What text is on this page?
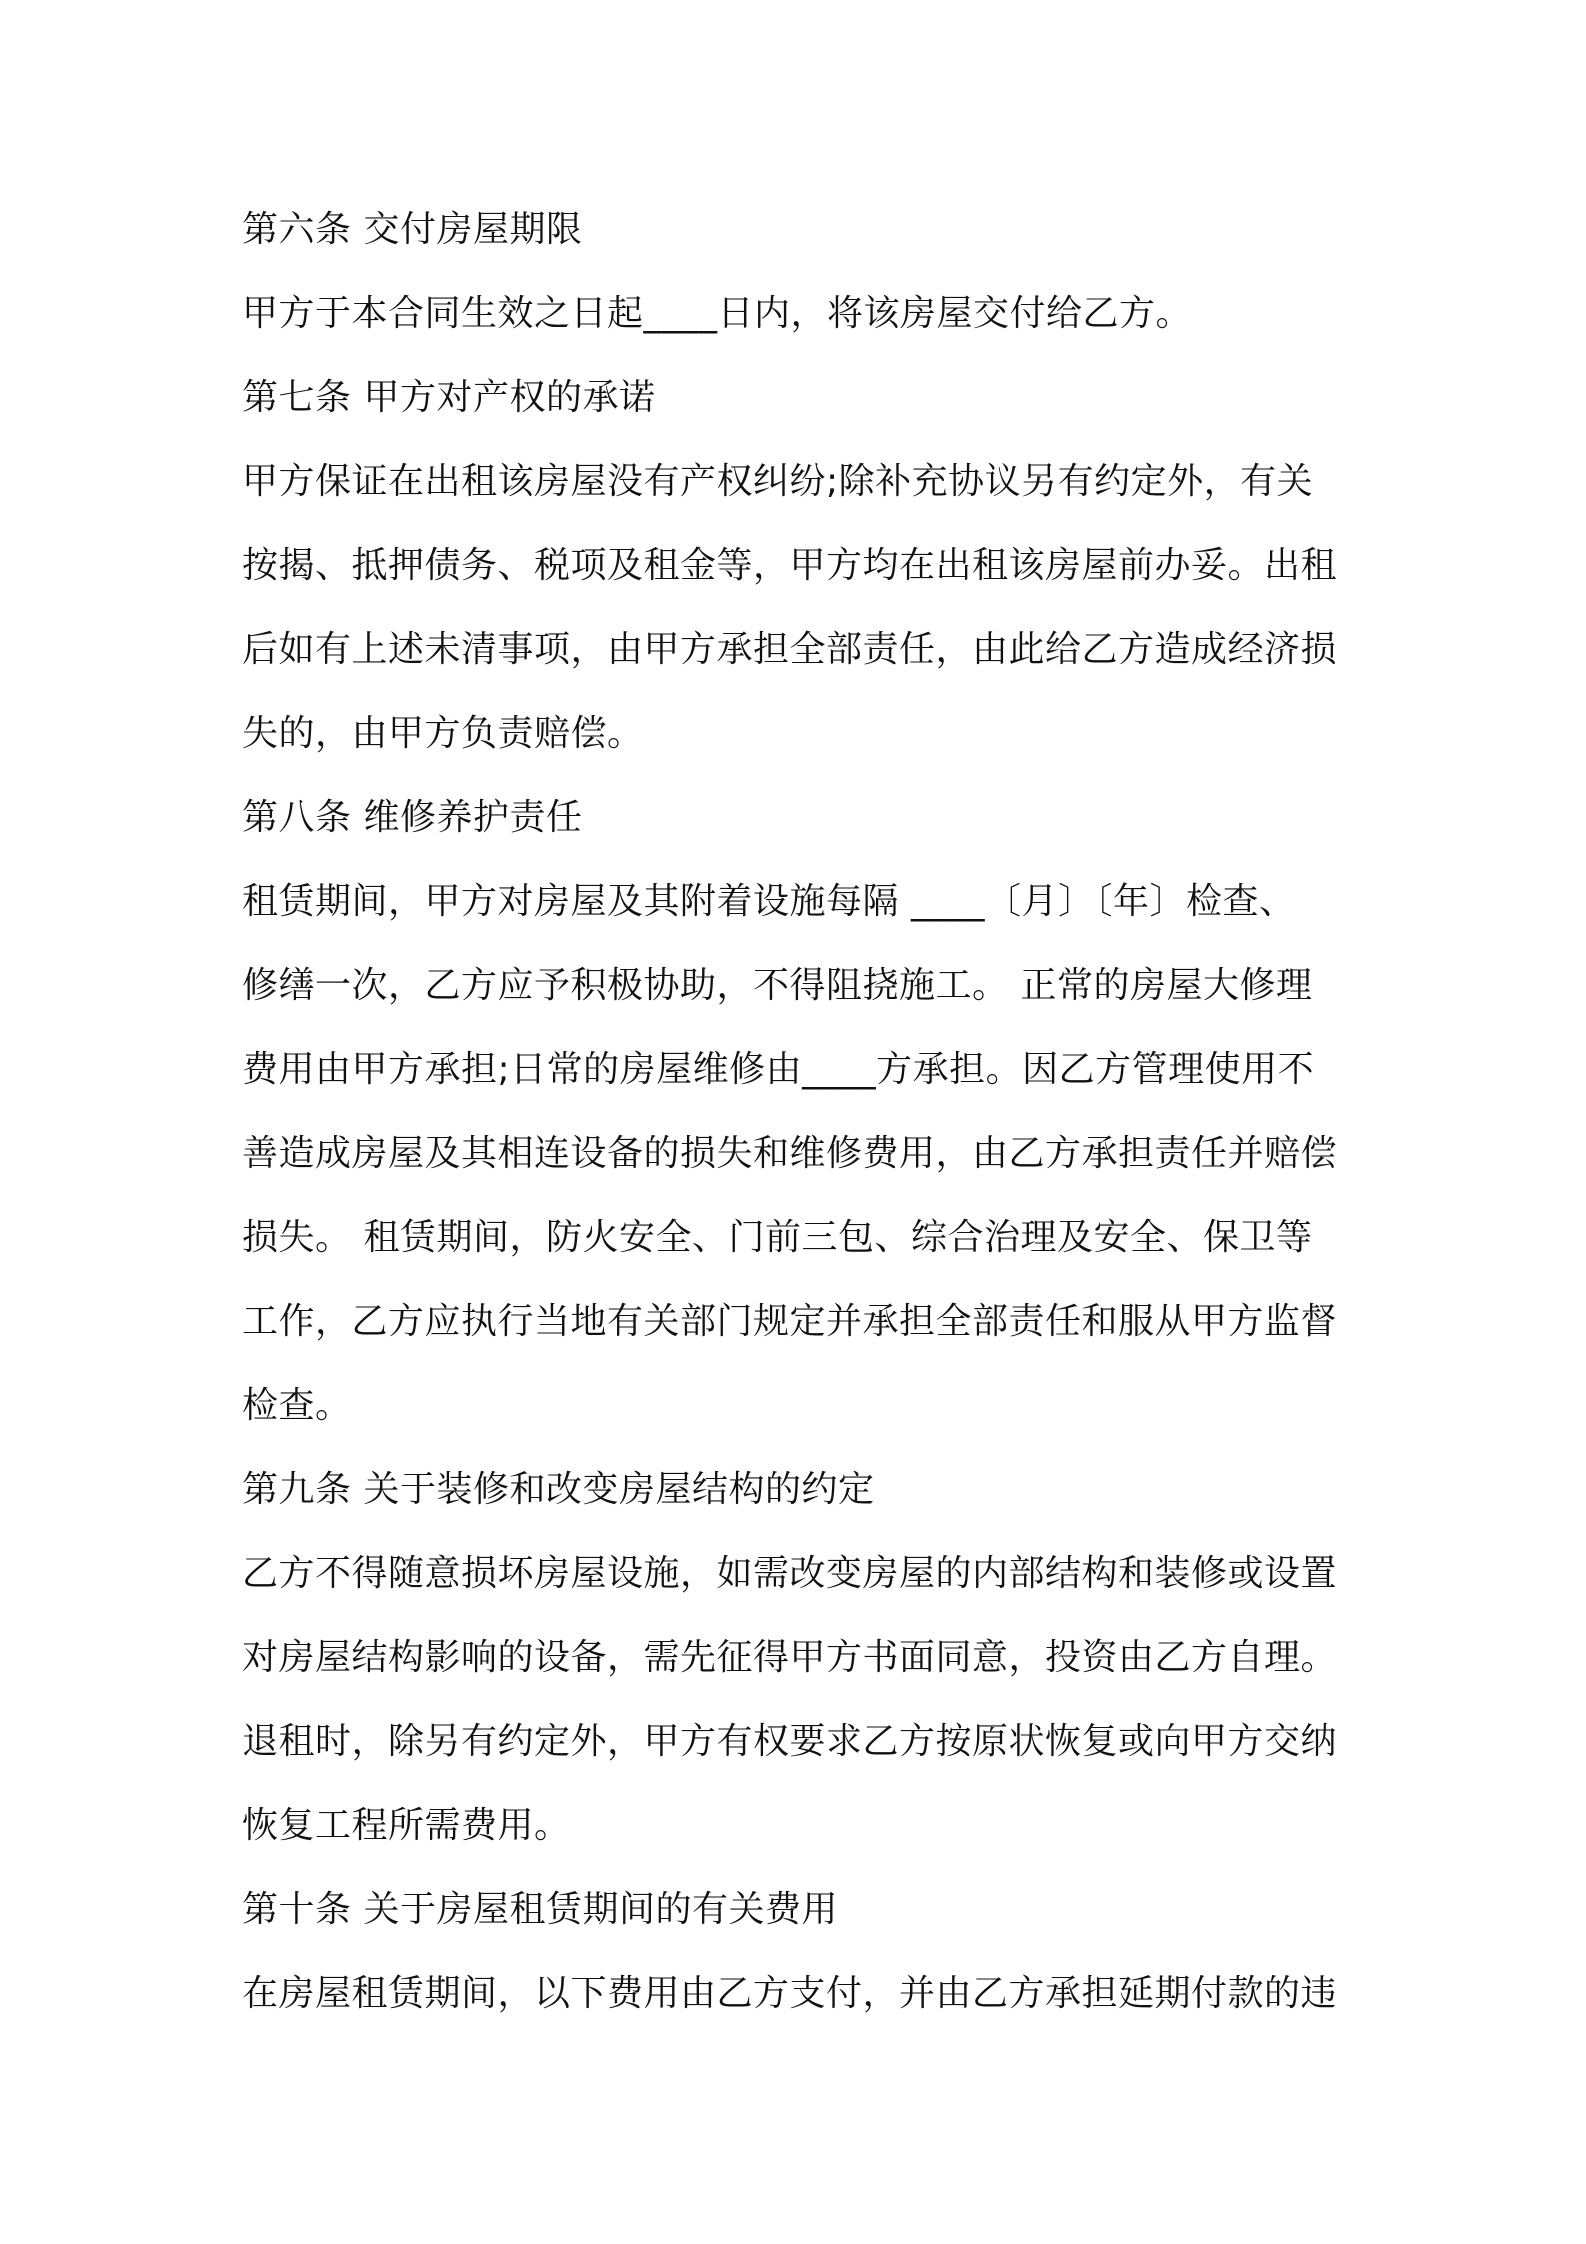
第六条 交付房屋期限
甲方于本合同生效之日起____日内，将该房屋交付给乙方。
第七条 甲方对产权的承诺
甲方保证在出租该房屋没有产权纠纷;除补充协议另有约定外，有关
按揭、抵押债务、税项及租金等，甲方均在出租该房屋前办妥。出租
后如有上述未清事项，由甲方承担全部责任，由此给乙方造成经济损
失的，由甲方负责赔偿。
第八条 维修养护责任
租赁期间，甲方对房屋及其附着设施每隔 ____〔月〕〔年〕检查、
修缮一次，乙方应予积极协助，不得阻挠施工。 正常的房屋大修理
费用由甲方承担;日常的房屋维修由____方承担。因乙方管理使用不
善造成房屋及其相连设备的损失和维修费用，由乙方承担责任并赔偿
损失。 租赁期间，防火安全、门前三包、综合治理及安全、保卫等
工作，乙方应执行当地有关部门规定并承担全部责任和服从甲方监督
检查。
第九条 关于装修和改变房屋结构的约定
乙方不得随意损坏房屋设施，如需改变房屋的内部结构和装修或设置
对房屋结构影响的设备，需先征得甲方书面同意，投资由乙方自理。
退租时，除另有约定外，甲方有权要求乙方按原状恢复或向甲方交纳
恢复工程所需费用。
第十条 关于房屋租赁期间的有关费用
在房屋租赁期间，以下费用由乙方支付，并由乙方承担延期付款的违
